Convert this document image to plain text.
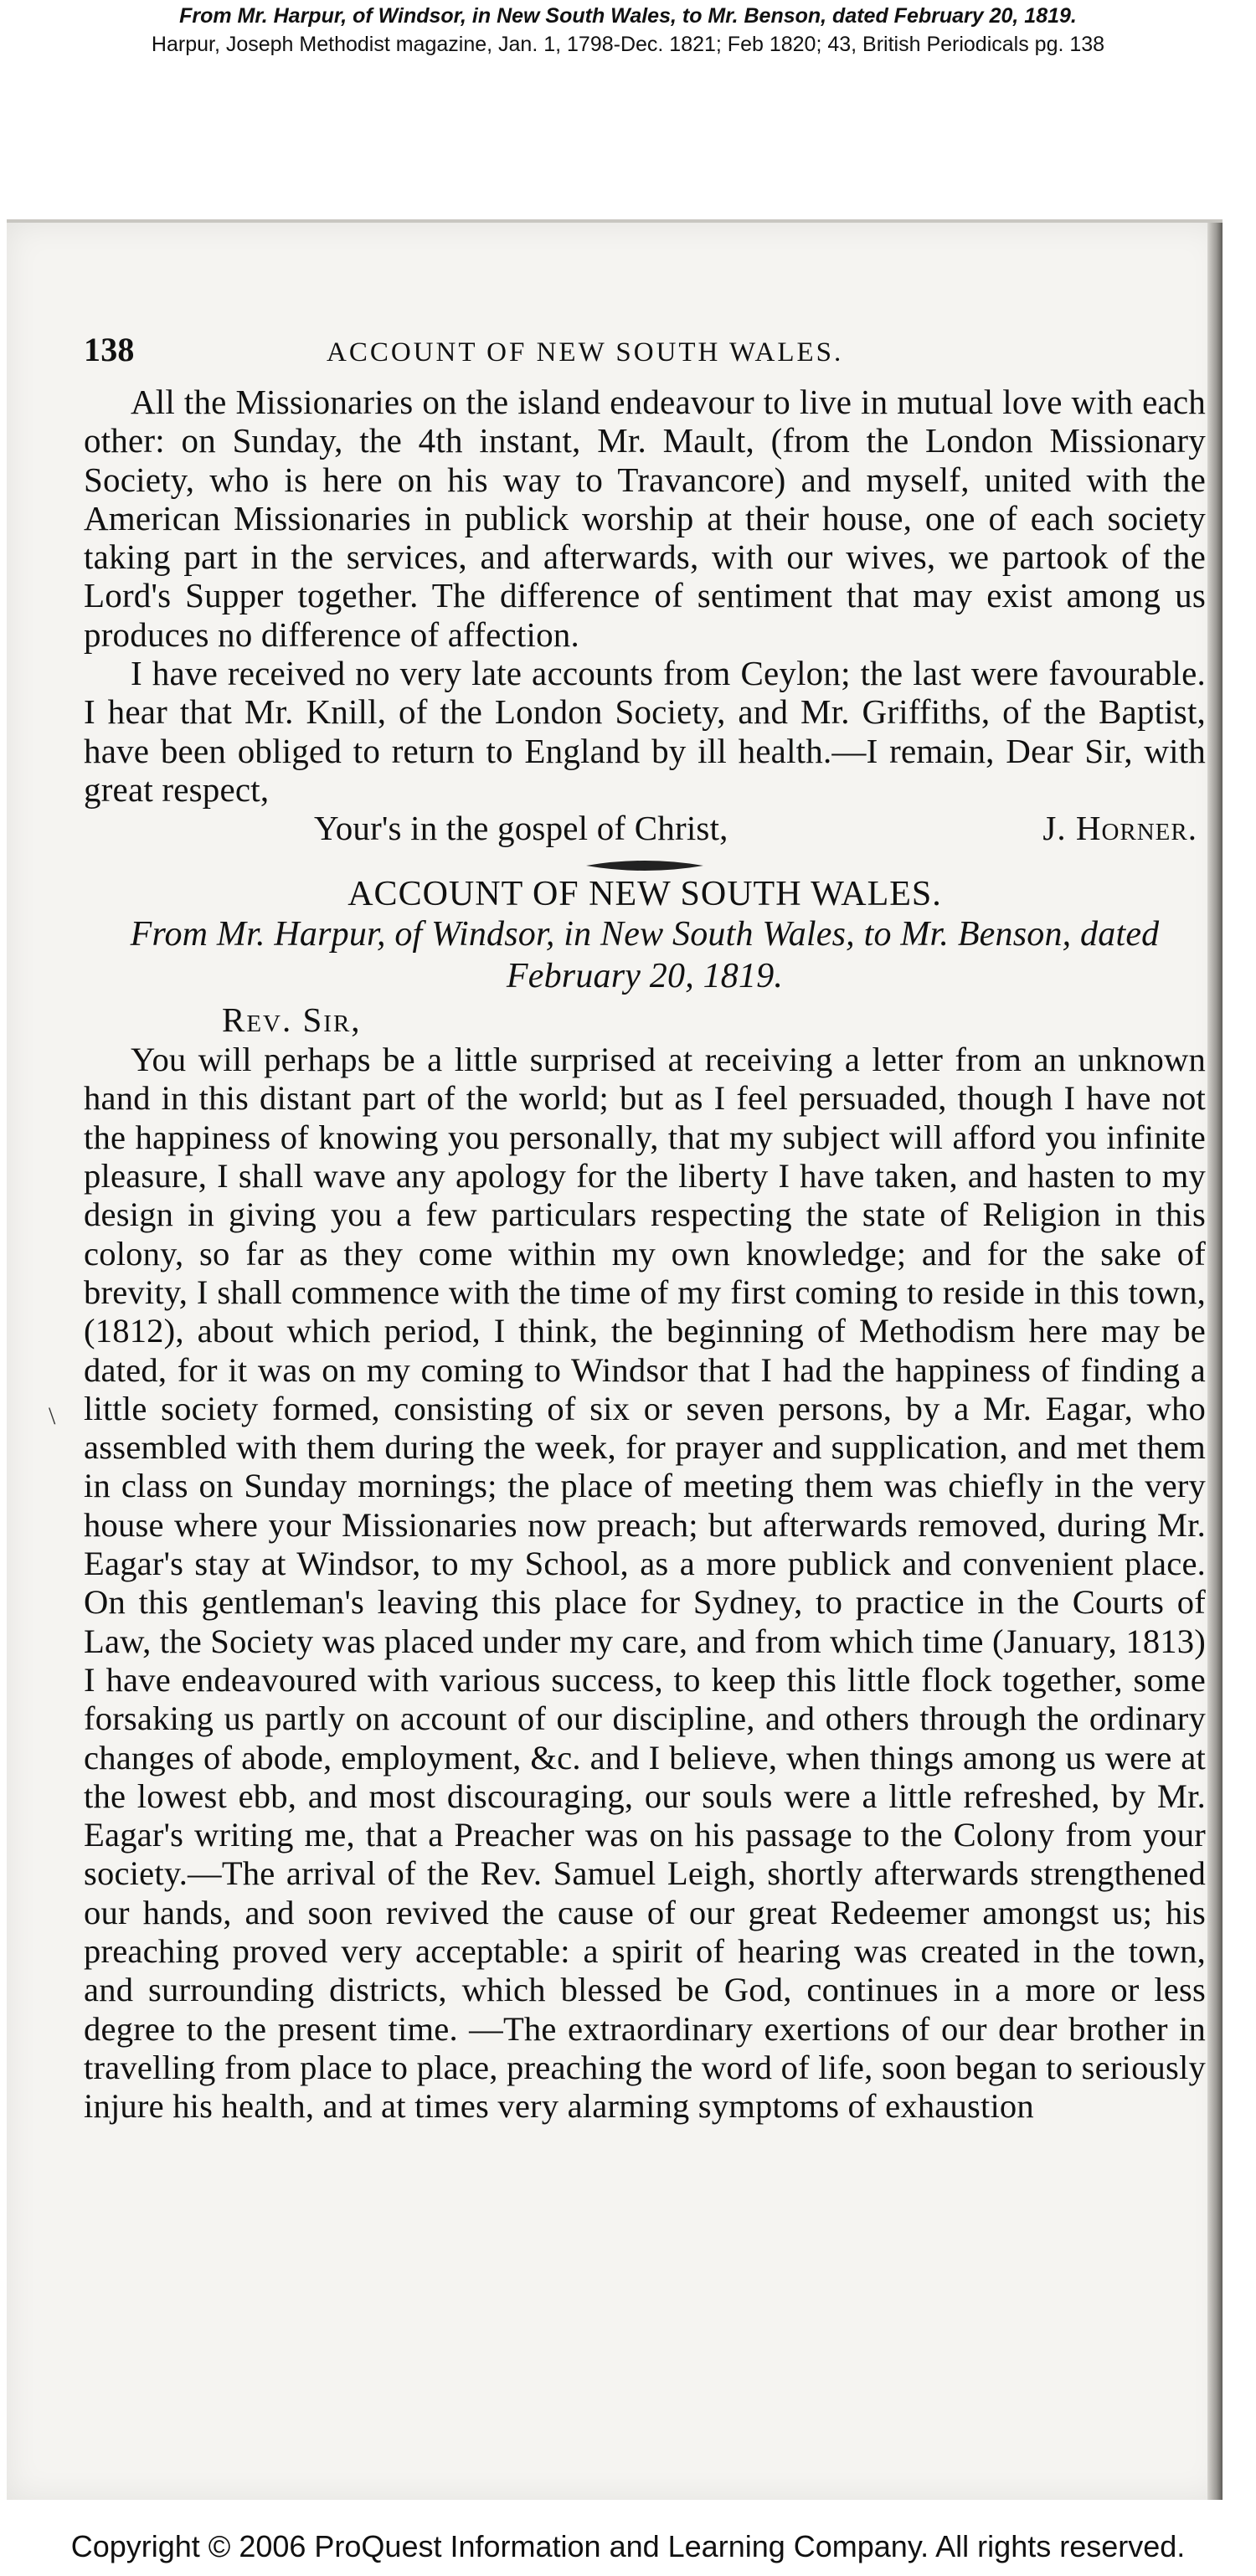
From Mr. Harpur, of Windsor, in New South Wales, to Mr. Benson, dated February 20, 1819.
Harpur, Joseph Methodist magazine, Jan. 1, 1798-Dec. 1821; Feb 1820; 43, British Periodicals pg. 138
\
138	ACCOUNT OF NEW SOUTH WALES.

All the Missionaries on the island endeavour to live in mutual love with each other: on Sunday, the 4th instant, Mr. Mault, (from the London Missionary Society, who is here on his way to Travancore) and myself, united with the American Missionaries in publick worship at their house, one of each society taking part in the services, and afterwards, with our wives, we partook of the Lord's Supper together. The difference of sentiment that may exist among us produces no difference of affection.

I have received no very late accounts from Ceylon; the last were favourable. I hear that Mr. Knill, of the London Society, and Mr. Griffiths, of the Baptist, have been obliged to return to England by ill health.—I remain, Dear Sir, with great respect,

Your's in the gospel of Christ,	J. Horner.
ACCOUNT OF NEW SOUTH WALES.
From Mr. Harpur, of Windsor, in New South Wales, to Mr. Benson, dated February 20, 1819.
Rev. Sir,

You will perhaps be a little surprised at receiving a letter from an unknown hand in this distant part of the world; but as I feel persuaded, though I have not the happiness of knowing you personally, that my subject will afford you infinite pleasure, I shall wave any apology for the liberty I have taken, and hasten to my design in giving you a few particulars respecting the state of Religion in this colony, so far as they come within my own knowledge; and for the sake of brevity, I shall commence with the time of my first coming to reside in this town, (1812), about which period, I think, the beginning of Methodism here may be dated, for it was on my coming to Windsor that I had the happiness of finding a little society formed, consisting of six or seven persons, by a Mr. Eagar, who assembled with them during the week, for prayer and supplication, and met them in class on Sunday mornings; the place of meeting them was chiefly in the very house where your Missionaries now preach; but afterwards removed, during Mr. Eagar's stay at Windsor, to my School, as a more publick and convenient place. On this gentleman's leaving this place for Sydney, to practice in the Courts of Law, the Society was placed under my care, and from which time (January, 1813) I have endeavoured with various success, to keep this little flock together, some forsaking us partly on account of our discipline, and others through the ordinary changes of abode, employment, &c. and I believe, when things among us were at the lowest ebb, and most discouraging, our souls were a little refreshed, by Mr. Eagar's writing me, that a Preacher was on his passage to the Colony from your society.—The arrival of the Rev. Samuel Leigh, shortly afterwards strengthened our hands, and soon revived the cause of our great Redeemer amongst us; his preaching proved very acceptable: a spirit of hearing was created in the town, and surrounding districts, which blessed be God, continues in a more or less degree to the present time. —The extraordinary exertions of our dear brother in travelling from place to place, preaching the word of life, soon began to seriously injure his health, and at times very alarming symptoms of exhaustion

Copyright © 2006 ProQuest Information and Learning Company. All rights reserved.
